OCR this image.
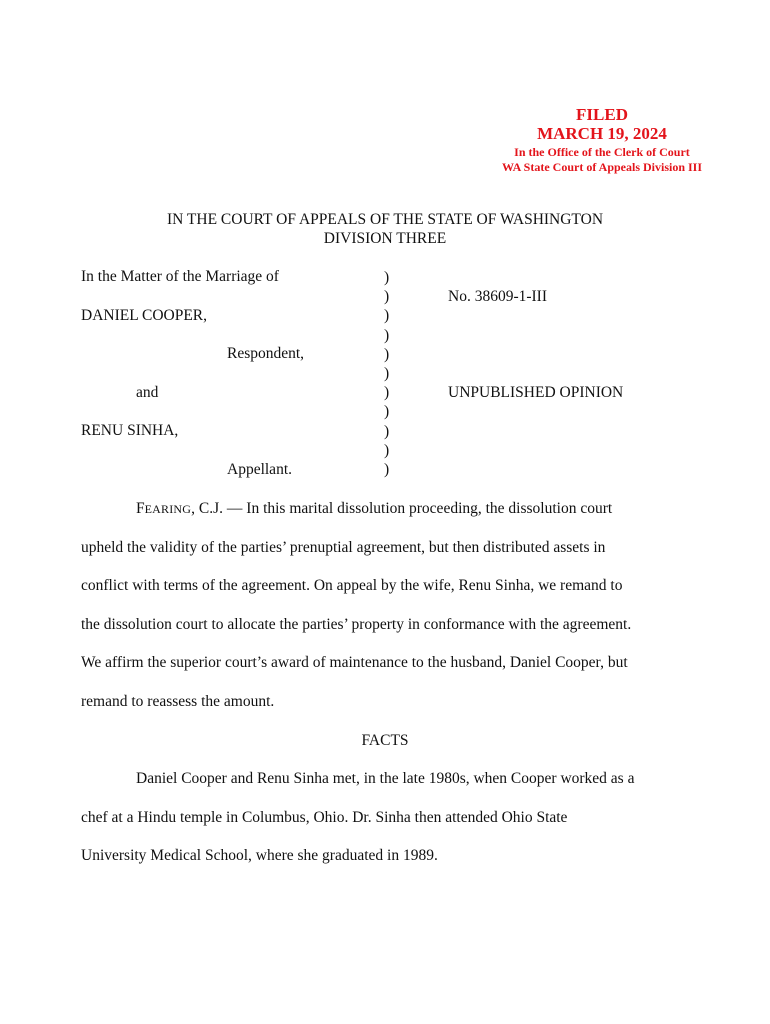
FILED
MARCH 19, 2024
In the Office of the Clerk of Court
WA State Court of Appeals Division III
IN THE COURT OF APPEALS OF THE STATE OF WASHINGTON
DIVISION THREE
In the Matter of the Marriage of
DANIEL COOPER,
Respondent,
and
RENU SINHA,
Appellant.
)
)
)
)
)
)
)
)
)
)
)
No. 38609-1-III
UNPUBLISHED OPINION
FEARING, C.J. — In this marital dissolution proceeding, the dissolution court
upheld the validity of the parties’ prenuptial agreement, but then distributed assets in
conflict with terms of the agreement. On appeal by the wife, Renu Sinha, we remand to
the dissolution court to allocate the parties’ property in conformance with the agreement.
We affirm the superior court’s award of maintenance to the husband, Daniel Cooper, but
remand to reassess the amount.
FACTS
Daniel Cooper and Renu Sinha met, in the late 1980s, when Cooper worked as a
chef at a Hindu temple in Columbus, Ohio. Dr. Sinha then attended Ohio State
University Medical School, where she graduated in 1989.
